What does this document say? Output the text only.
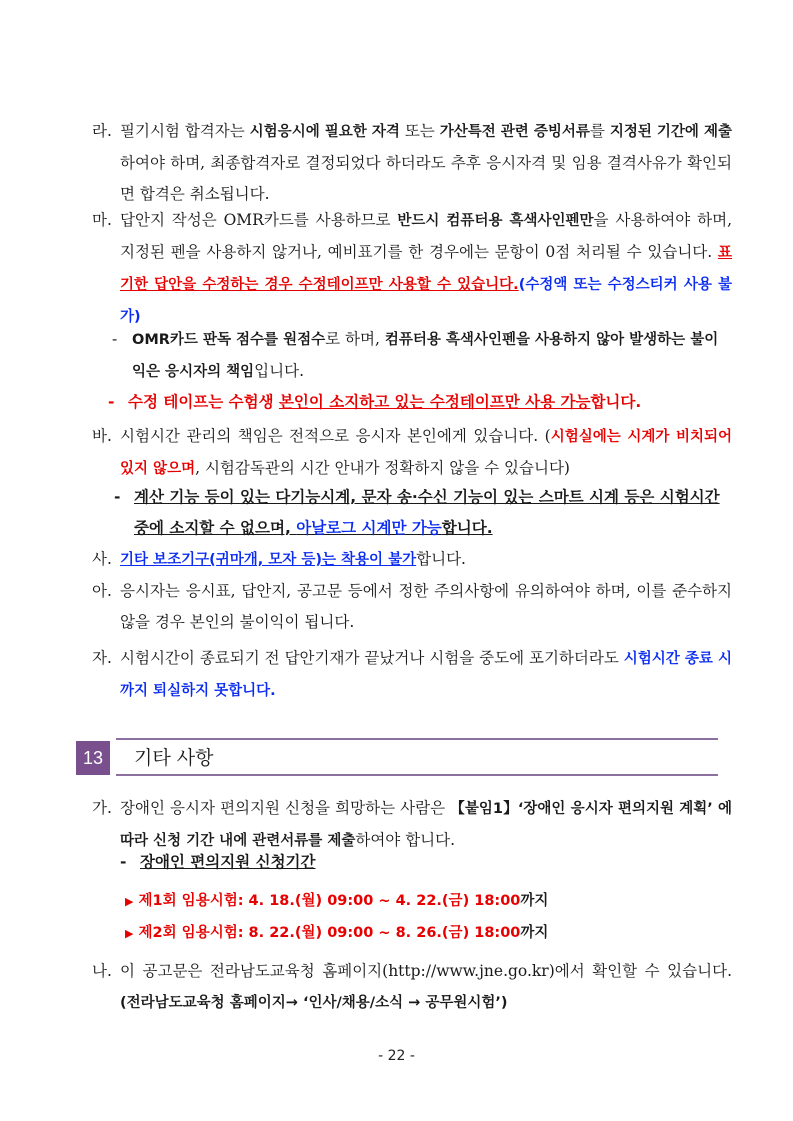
라. 필기시험 합격자는 시험응시에 필요한 자격 또는 가산특전 관련 증빙서류를 지정된 기간에 제출하여야 하며, 최종합격자로 결정되었다 하더라도 추후 응시자격 및 임용 결격사유가 확인되면 합격은 취소됩니다.
마. 답안지 작성은 OMR카드를 사용하므로 반드시 컴퓨터용 흑색사인펜만을 사용하여야 하며, 지정된 펜을 사용하지 않거나, 예비표기를 한 경우에는 문항이 0점 처리될 수 있습니다. 표기한 답안을 수정하는 경우 수정테이프만 사용할 수 있습니다.(수정액 또는 수정스티커 사용 불가)
- OMR카드 판독 점수를 원점수로 하며, 컴퓨터용 흑색사인펜을 사용하지 않아 발생하는 불이익은 응시자의 책임입니다.
- 수정 테이프는 수험생 본인이 소지하고 있는 수정테이프만 사용 가능합니다.
바. 시험시간 관리의 책임은 전적으로 응시자 본인에게 있습니다. (시험실에는 시계가 비치되어 있지 않으며, 시험감독관의 시간 안내가 정확하지 않을 수 있습니다)
- 계산 기능 등이 있는 다기능시계, 문자 송·수신 기능이 있는 스마트 시계 등은 시험시간 중에 소지할 수 없으며, 아날로그 시계만 가능합니다.
사. 기타 보조기구(귀마개, 모자 등)는 착용이 불가합니다.
아. 응시자는 응시표, 답안지, 공고문 등에서 정한 주의사항에 유의하여야 하며, 이를 준수하지 않을 경우 본인의 불이익이 됩니다.
자. 시험시간이 종료되기 전 답안기재가 끝났거나 시험을 중도에 포기하더라도 시험시간 종료 시까지 퇴실하지 못합니다.
13	기타 사항
가. 장애인 응시자 편의지원 신청을 희망하는 사람은 【붙임1】‘장애인 응시자 편의지원 계획’ 에 따라 신청 기간 내에 관련서류를 제출하여야 합니다.
- 장애인 편의지원 신청기간
▶ 제1회 임용시험: 4. 18.(월) 09:00 ~ 4. 22.(금) 18:00까지
▶ 제2회 임용시험: 8. 22.(월) 09:00 ~ 8. 26.(금) 18:00까지
나. 이 공고문은 전라남도교육청 홈페이지(http://www.jne.go.kr)에서 확인할 수 있습니다. (전라남도교육청 홈페이지→ ‘인사/채용/소식 → 공무원시험’)
- 22 -
